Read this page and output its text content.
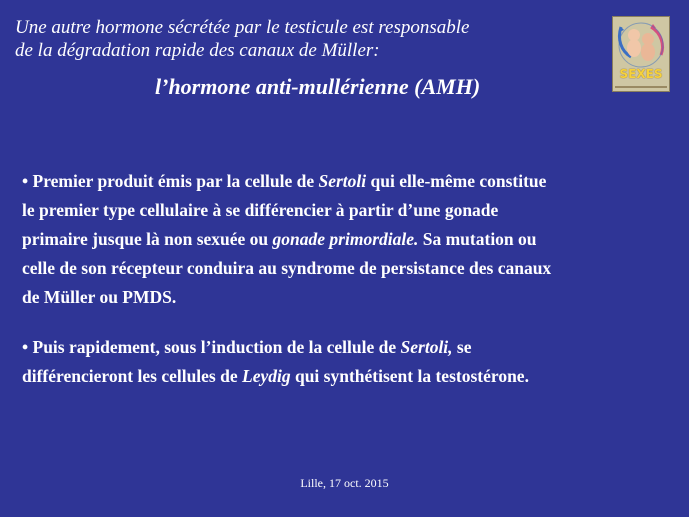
Une autre hormone sécrétée par le testicule est responsable
de la dégradation rapide des canaux de Müller:
l’hormone anti-mullérienne (AMH)	SEXES
• Premier produit émis par la cellule de Sertoli qui elle-même constitue
le premier type cellulaire à se différencier à partir d’une gonade
primaire jusque là non sexuée ou gonade primordiale. Sa mutation ou
celle de son récepteur conduira au syndrome de persistance des canaux
de Müller ou PMDS.
• Puis rapidement, sous l’induction de la cellule de Sertoli, se
différencieront les cellules de Leydig qui synthétisent la testostérone.
Lille, 17 oct. 2015
